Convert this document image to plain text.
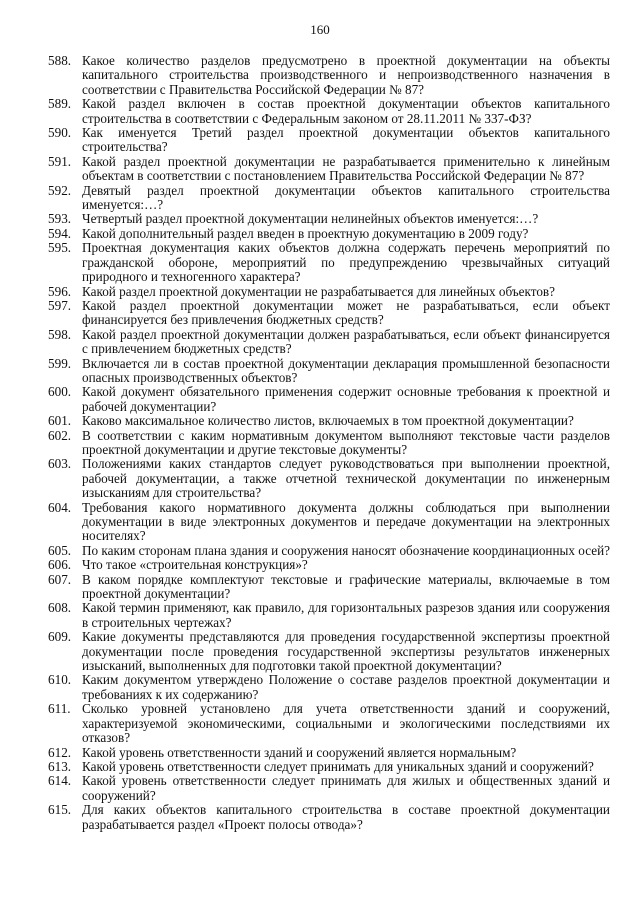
160
588. Какое количество разделов предусмотрено в проектной документации на объекты капитального строительства производственного и непроизводственного назначения в соответствии с Правительства Российской Федерации № 87?
589. Какой раздел включен в состав проектной документации объектов капитального строительства в соответствии с Федеральным законом от 28.11.2011 № 337-ФЗ?
590. Как именуется Третий раздел проектной документации объектов капитального строительства?
591. Какой раздел проектной документации не разрабатывается применительно к линейным объектам в соответствии с постановлением Правительства Российской Федерации № 87?
592. Девятый раздел проектной документации объектов капитального строительства именуется:…?
593. Четвертый раздел проектной документации нелинейных объектов именуется:…?
594. Какой дополнительный раздел введен в проектную документацию в 2009 году?
595. Проектная документация каких объектов должна содержать перечень мероприятий по гражданской обороне, мероприятий по предупреждению чрезвычайных ситуаций природного и техногенного характера?
596. Какой раздел проектной документации не разрабатывается для линейных объектов?
597. Какой раздел проектной документации может не разрабатываться, если объект финансируется без привлечения бюджетных средств?
598. Какой раздел проектной документации должен разрабатываться, если объект финансируется с привлечением бюджетных средств?
599. Включается ли в состав проектной документации декларация промышленной безопасности опасных производственных объектов?
600. Какой документ обязательного применения содержит основные требования к проектной и рабочей документации?
601. Каково максимальное количество листов, включаемых в том проектной документации?
602. В соответствии с каким нормативным документом выполняют текстовые части разделов проектной документации и другие текстовые документы?
603. Положениями каких стандартов следует руководствоваться при выполнении проектной, рабочей документации, а также отчетной технической документации по инженерным изысканиям для строительства?
604. Требования какого нормативного документа должны соблюдаться при выполнении документации в виде электронных документов и передаче документации на электронных носителях?
605. По каким сторонам плана здания и сооружения наносят обозначение координационных осей?
606. Что такое «строительная конструкция»?
607. В каком порядке комплектуют текстовые и графические материалы, включаемые в том проектной документации?
608. Какой термин применяют, как правило, для горизонтальных разрезов здания или сооружения в строительных чертежах?
609. Какие документы представляются для проведения государственной экспертизы проектной документации после проведения государственной экспертизы результатов инженерных изысканий, выполненных для подготовки такой проектной документации?
610. Каким документом утверждено Положение о составе разделов проектной документации и требованиях к их содержанию?
611. Сколько уровней установлено для учета ответственности зданий и сооружений, характеризуемой экономическими, социальными и экологическими последствиями их отказов?
612. Какой уровень ответственности зданий и сооружений является нормальным?
613. Какой уровень ответственности следует принимать для уникальных зданий и сооружений?
614. Какой уровень ответственности следует принимать для жилых и общественных зданий и сооружений?
615. Для каких объектов капитального строительства в составе проектной документации разрабатывается раздел «Проект полосы отвода»?
